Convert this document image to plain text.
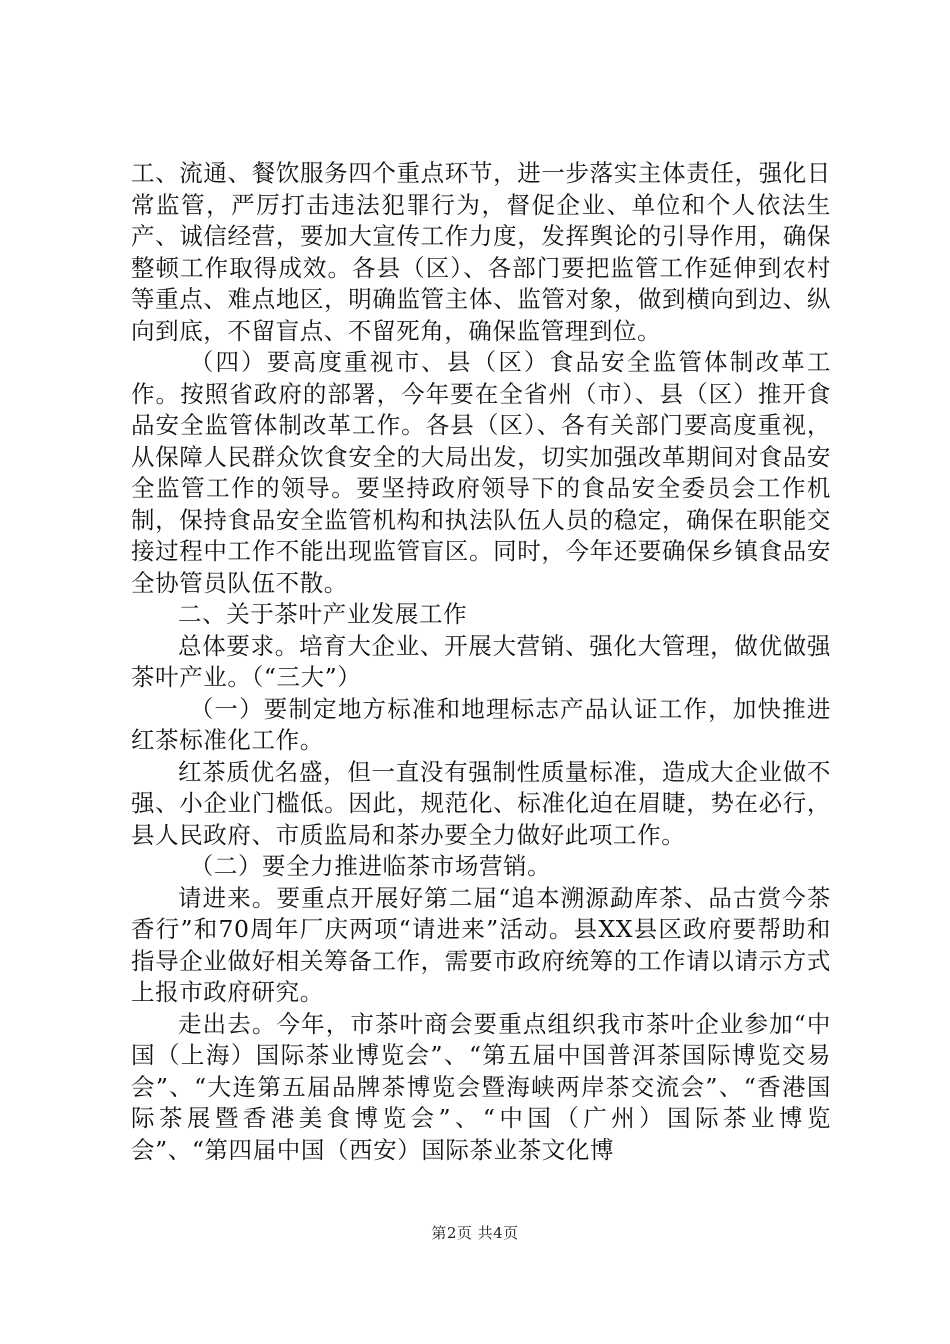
工、流通、餐饮服务四个重点环节，进一步落实主体责任，强化日常监管，严厉打击违法犯罪行为，督促企业、单位和个人依法生产、诚信经营，要加大宣传工作力度，发挥舆论的引导作用，确保整顿工作取得成效。各县（区）、各部门要把监管工作延伸到农村等重点、难点地区，明确监管主体、监管对象，做到横向到边、纵向到底，不留盲点、不留死角，确保监管理到位。

（四）要高度重视市、县（区）食品安全监管体制改革工作。按照省政府的部署，今年要在全省州（市）、县（区）推开食品安全监管体制改革工作。各县（区）、各有关部门要高度重视，从保障人民群众饮食安全的大局出发，切实加强改革期间对食品安全监管工作的领导。要坚持政府领导下的食品安全委员会工作机制，保持食品安全监管机构和执法队伍人员的稳定，确保在职能交接过程中工作不能出现监管盲区。同时，今年还要确保乡镇食品安全协管员队伍不散。

二、关于茶叶产业发展工作

总体要求。培育大企业、开展大营销、强化大管理，做优做强茶叶产业。（“三大”）

（一）要制定地方标准和地理标志产品认证工作，加快推进红茶标准化工作。

红茶质优名盛，但一直没有强制性质量标准，造成大企业做不强、小企业门槛低。因此，规范化、标准化迫在眉睫，势在必行，县人民政府、市质监局和茶办要全力做好此项工作。

（二）要全力推进临茶市场营销。

请进来。要重点开展好第二届“追本溯源勐库茶、品古赏今茶香行”和70周年厂庆两项“请进来”活动。县XX县区政府要帮助和指导企业做好相关筹备工作，需要市政府统筹的工作请以请示方式上报市政府研究。

走出去。今年，市茶叶商会要重点组织我市茶叶企业参加“中国（上海）国际茶业博览会”、“第五届中国普洱茶国际博览交易会”、“大连第五届品牌茶博览会暨海峡两岸茶交流会”、“香港国际茶展暨香港美食博览会”、“中国（广州）国际茶业博览会”、“第四届中国（西安）国际茶业茶文化博

第2页 共4页
